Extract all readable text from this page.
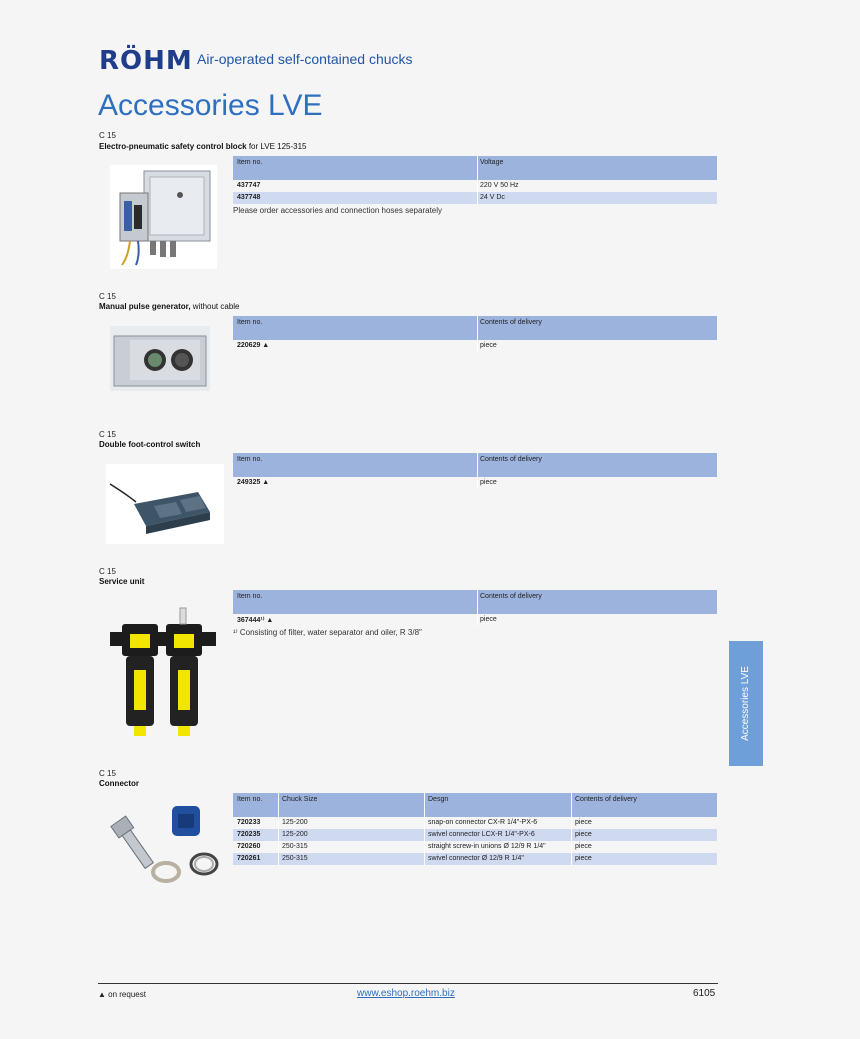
RÖHM Air-operated self-contained chucks
Accessories LVE
C 15
Electro-pneumatic safety control block for LVE 125-315
Item no.	Voltage
437747	220 V 50 Hz
437748	24 V Dc
Please order accessories and connection hoses separately
C 15
Manual pulse generator, without cable
Item no.	Contents of delivery
220629 ▲	piece
C 15
Double foot-control switch
Item no.	Contents of delivery
249325 ▲	piece
C 15
Service unit
Item no.	Contents of delivery
367444¹⁾ ▲	piece
¹⁾ Consisting of filter, water separator and oiler, R 3/8"
C 15
Connector
Item no.	Chuck Size	Desgn	Contents of delivery
720233	125-200	snap-on connector CX-R 1/4"-PX-6	piece
720235	125-200	swivel connector LCX-R 1/4"-PX-6	piece
720260	250-315	straight screw-in unions Ø 12/9 R 1/4"	piece
720261	250-315	swivel connector Ø 12/9 R 1/4"	piece
Accessories LVE
▲ on request	www.eshop.roehm.biz	6105
